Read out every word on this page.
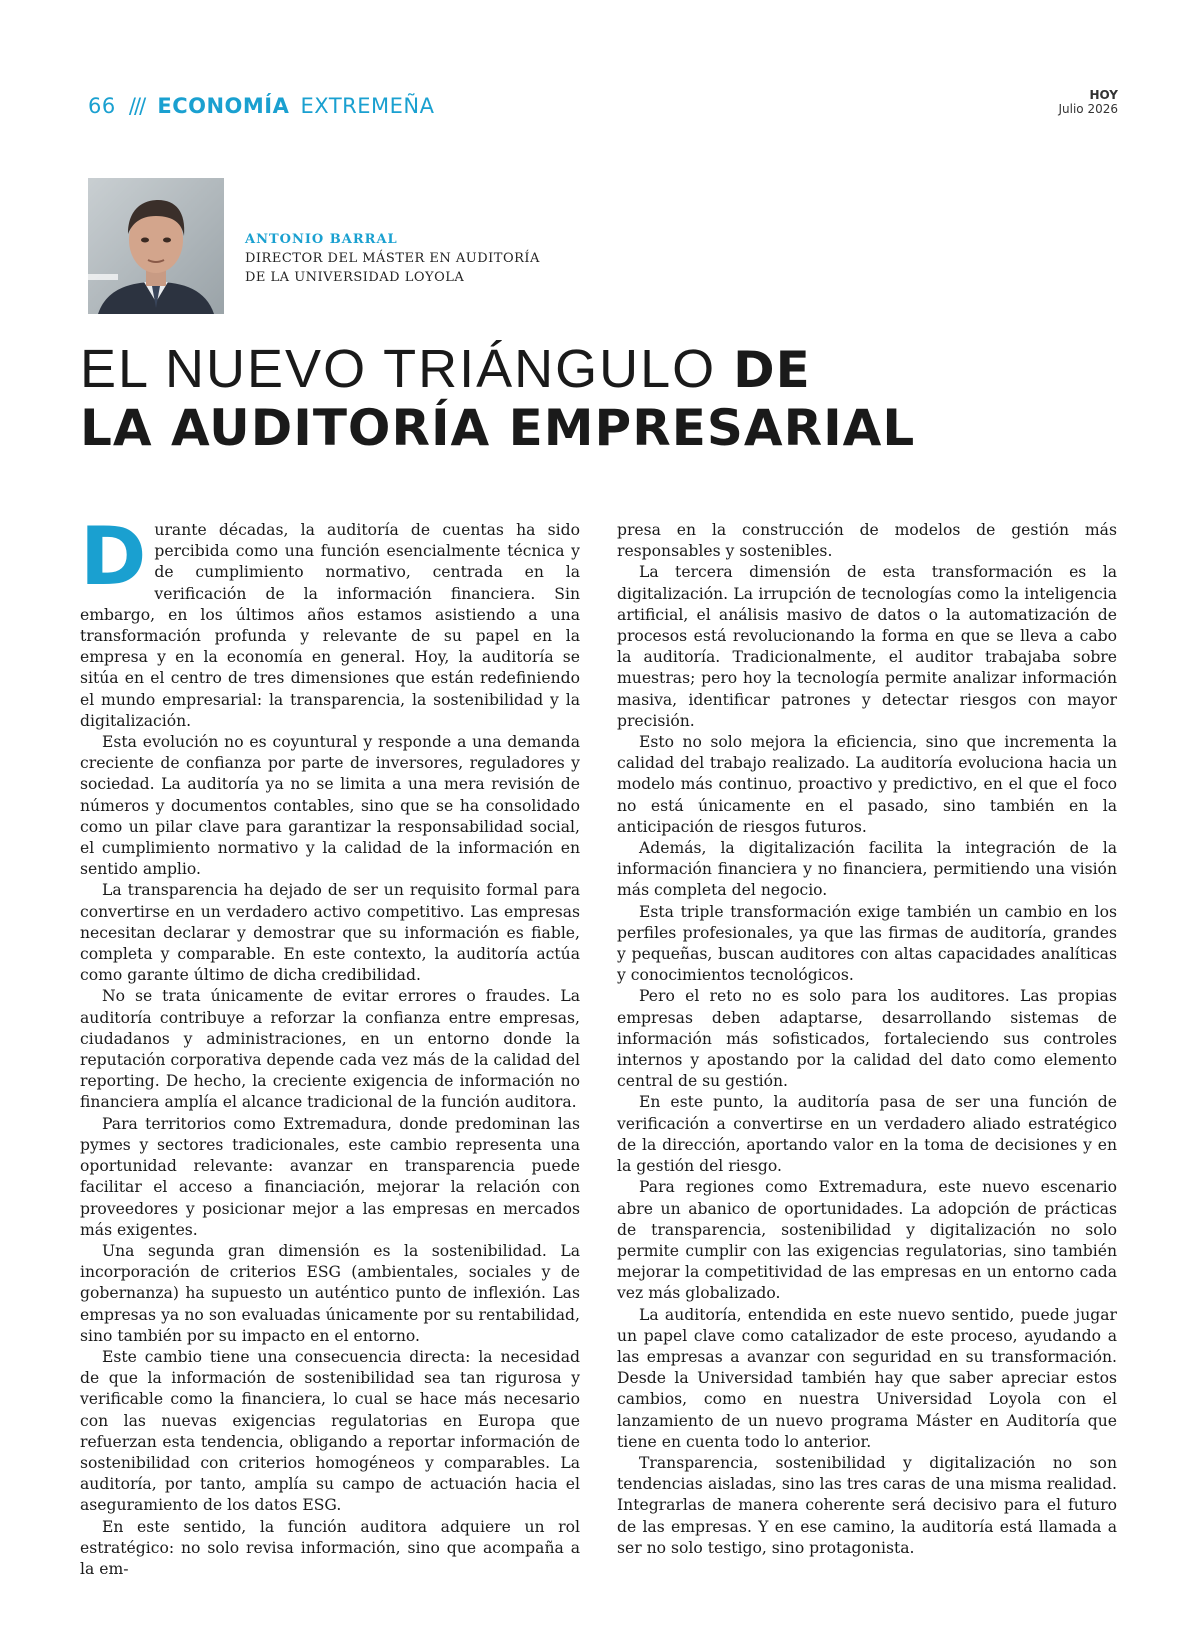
66 /// ECONOMÍA EXTREMEÑA	HOY
Julio 2026
ANTONIO BARRAL
DIRECTOR DEL MÁSTER EN AUDITORÍA
DE LA UNIVERSIDAD LOYOLA
EL NUEVO TRIÁNGULO DE
LA AUDITORÍA EMPRESARIAL

Durante décadas, la auditoría de cuentas ha sido percibida como una función esencialmente técnica y de cumplimiento normativo, centrada en la verificación de la información financiera. Sin embargo, en los últimos años estamos asistiendo a una transformación profunda y relevante de su papel en la empresa y en la economía en general. Hoy, la auditoría se sitúa en el centro de tres dimensiones que están redefiniendo el mundo empresarial: la transparencia, la sostenibilidad y la digitalización.

Esta evolución no es coyuntural y responde a una demanda creciente de confianza por parte de inversores, reguladores y sociedad. La auditoría ya no se limita a una mera revisión de números y documentos contables, sino que se ha consolidado como un pilar clave para garantizar la responsabilidad social, el cumplimiento normativo y la calidad de la información en sentido amplio.

La transparencia ha dejado de ser un requisito formal para convertirse en un verdadero activo competitivo. Las empresas necesitan declarar y demostrar que su información es fiable, completa y comparable. En este contexto, la auditoría actúa como garante último de dicha credibilidad.

No se trata únicamente de evitar errores o fraudes. La auditoría contribuye a reforzar la confianza entre empresas, ciudadanos y administraciones, en un entorno donde la reputación corporativa depende cada vez más de la calidad del reporting. De hecho, la creciente exigencia de información no financiera amplía el alcance tradicional de la función auditora.

Para territorios como Extremadura, donde predominan las pymes y sectores tradicionales, este cambio representa una oportunidad relevante: avanzar en transparencia puede facilitar el acceso a financiación, mejorar la relación con proveedores y posicionar mejor a las empresas en mercados más exigentes.

Una segunda gran dimensión es la sostenibilidad. La incorporación de criterios ESG (ambientales, sociales y de gobernanza) ha supuesto un auténtico punto de inflexión. Las empresas ya no son evaluadas únicamente por su rentabilidad, sino también por su impacto en el entorno.

Este cambio tiene una consecuencia directa: la necesidad de que la información de sostenibilidad sea tan rigurosa y verificable como la financiera, lo cual se hace más necesario con las nuevas exigencias regulatorias en Europa que refuerzan esta tendencia, obligando a reportar información de sostenibilidad con criterios homogéneos y comparables. La auditoría, por tanto, amplía su campo de actuación hacia el aseguramiento de los datos ESG.

En este sentido, la función auditora adquiere un rol estratégico: no solo revisa información, sino que acompaña a la em-

presa en la construcción de modelos de gestión más responsables y sostenibles.

La tercera dimensión de esta transformación es la digitalización. La irrupción de tecnologías como la inteligencia artificial, el análisis masivo de datos o la automatización de procesos está revolucionando la forma en que se lleva a cabo la auditoría. Tradicionalmente, el auditor trabajaba sobre muestras; pero hoy la tecnología permite analizar información masiva, identificar patrones y detectar riesgos con mayor precisión.

Esto no solo mejora la eficiencia, sino que incrementa la calidad del trabajo realizado. La auditoría evoluciona hacia un modelo más continuo, proactivo y predictivo, en el que el foco no está únicamente en el pasado, sino también en la anticipación de riesgos futuros.

Además, la digitalización facilita la integración de la información financiera y no financiera, permitiendo una visión más completa del negocio.

Esta triple transformación exige también un cambio en los perfiles profesionales, ya que las firmas de auditoría, grandes y pequeñas, buscan auditores con altas capacidades analíticas y conocimientos tecnológicos.

Pero el reto no es solo para los auditores. Las propias empresas deben adaptarse, desarrollando sistemas de información más sofisticados, fortaleciendo sus controles internos y apostando por la calidad del dato como elemento central de su gestión.

En este punto, la auditoría pasa de ser una función de verificación a convertirse en un verdadero aliado estratégico de la dirección, aportando valor en la toma de decisiones y en la gestión del riesgo.

Para regiones como Extremadura, este nuevo escenario abre un abanico de oportunidades. La adopción de prácticas de transparencia, sostenibilidad y digitalización no solo permite cumplir con las exigencias regulatorias, sino también mejorar la competitividad de las empresas en un entorno cada vez más globalizado.

La auditoría, entendida en este nuevo sentido, puede jugar un papel clave como catalizador de este proceso, ayudando a las empresas a avanzar con seguridad en su transformación. Desde la Universidad también hay que saber apreciar estos cambios, como en nuestra Universidad Loyola con el lanzamiento de un nuevo programa Máster en Auditoría que tiene en cuenta todo lo anterior.

Transparencia, sostenibilidad y digitalización no son tendencias aisladas, sino las tres caras de una misma realidad. Integrarlas de manera coherente será decisivo para el futuro de las empresas. Y en ese camino, la auditoría está llamada a ser no solo testigo, sino protagonista.
